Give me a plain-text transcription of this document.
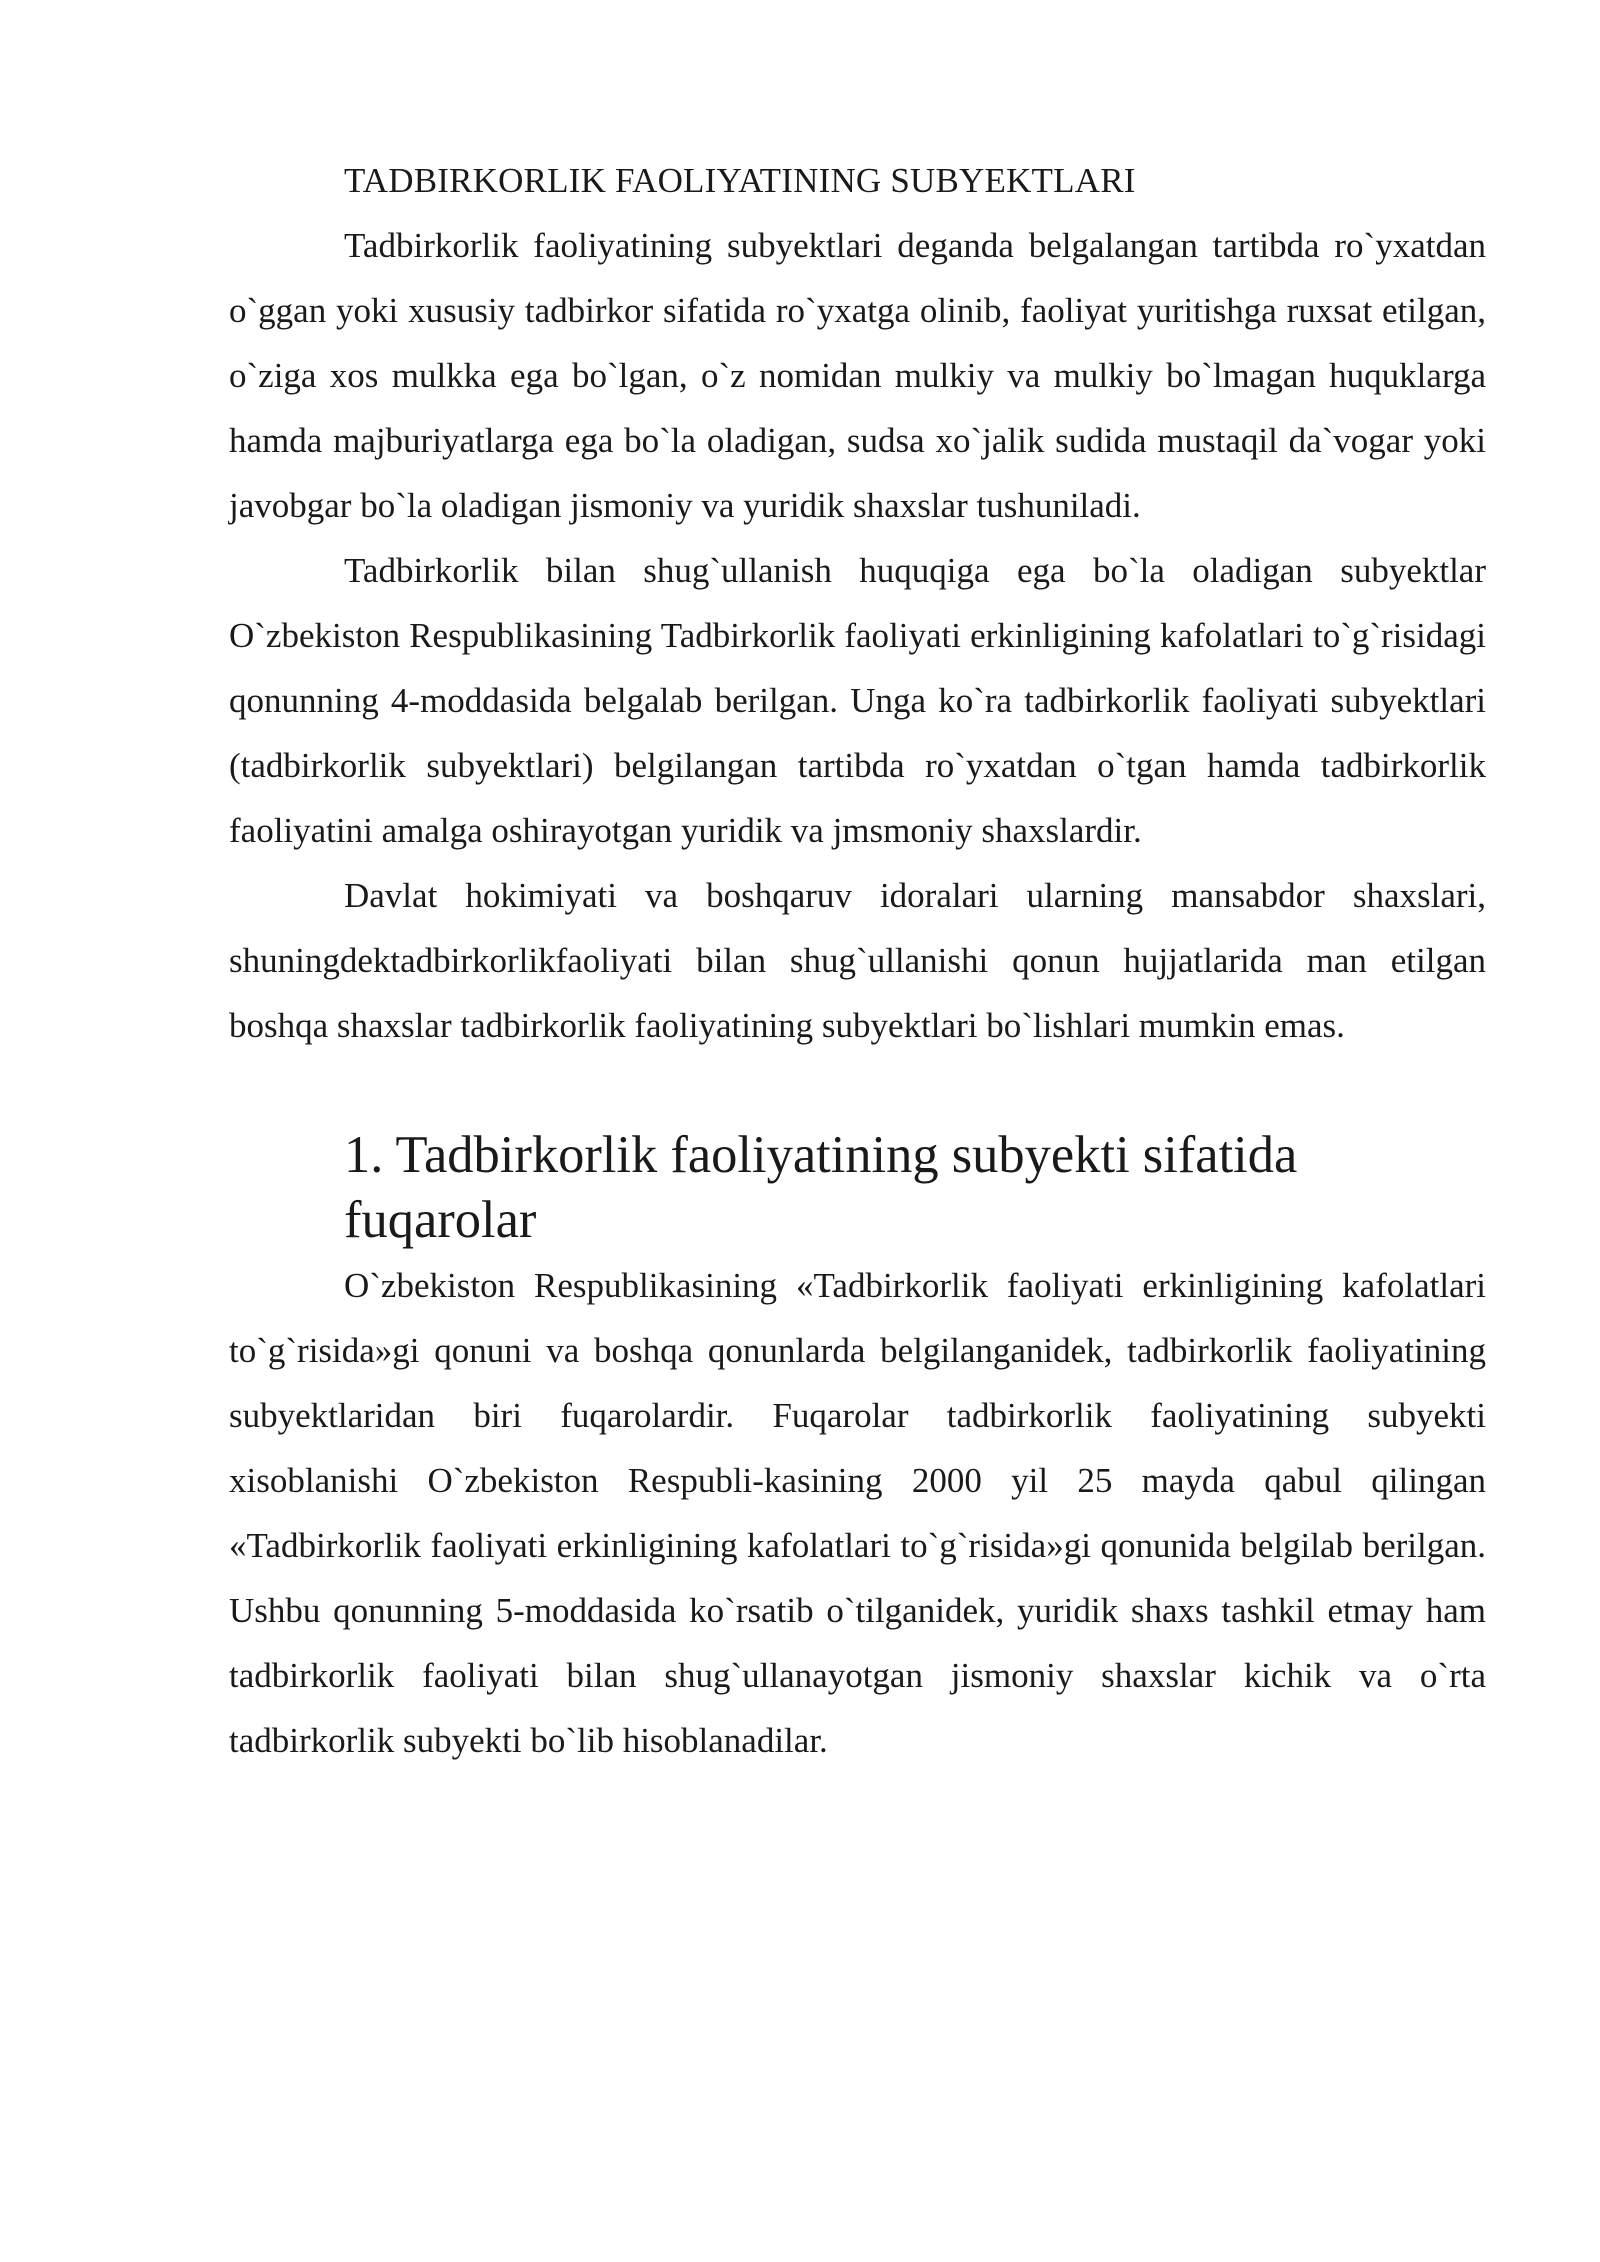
TADBIRKORLIK FAOLIYATINING SUBYEKTLARI

Tadbirkorlik faoliyatining subyektlari deganda belgalangan tartibda ro`yxatdan o`ggan yoki xususiy tadbirkor sifatida ro`yxatga olinib, faoliyat yuritishga ruxsat etilgan, o`ziga xos mulkka ega bo`lgan, o`z nomidan mulkiy va mulkiy bo`lmagan huquklarga hamda majburiyatlarga ega bo`la oladigan, sudsa xo`jalik sudida mustaqil da`vogar yoki javobgar bo`la oladigan jismoniy va yuridik shaxslar tushuniladi.

Tadbirkorlik bilan shug`ullanish huquqiga ega bo`la oladigan subyektlar O`zbekiston Respublikasining Tadbirkorlik faoliyati erkinligining kafolatlari to`g`risidagi qonunning 4-moddasida belgalab berilgan. Unga ko`ra tadbirkorlik faoliyati subyektlari (tadbirkorlik subyektlari) belgilangan tartibda ro`yxatdan o`tgan hamda tadbirkorlik faoliyatini amalga oshirayotgan yuridik va jmsmoniy shaxslardir.

Davlat hokimiyati va boshqaruv idoralari ularning mansabdor shaxslari, shuningdektadbirkorlikfaoliyati bilan shug`ullanishi qonun hujjatlarida man etilgan boshqa shaxslar tadbirkorlik faoliyatining subyektlari bo`lishlari mumkin emas.

1. Tadbirkorlik faoliyatining subyekti sifatida fuqarolar

O`zbekiston Respublikasining «Tadbirkorlik faoliyati erkinligining kafolatlari to`g`risida»gi qonuni va boshqa qonunlarda belgilanganidek, tadbirkorlik faoliyatining subyektlaridan biri fuqarolardir. Fuqarolar tadbirkorlik faoliyatining subyekti xisoblanishi O`zbekiston Respubli-kasining 2000 yil 25 mayda qabul qilingan «Tadbirkorlik faoliyati erkinligining kafolatlari to`g`risida»gi qonunida belgilab berilgan. Ushbu qonunning 5-moddasida ko`rsatib o`tilganidek, yuridik shaxs tashkil etmay ham tadbirkorlik faoliyati bilan shug`ullanayotgan jismoniy shaxslar kichik va o`rta tadbirkorlik subyekti bo`lib hisoblanadilar.
